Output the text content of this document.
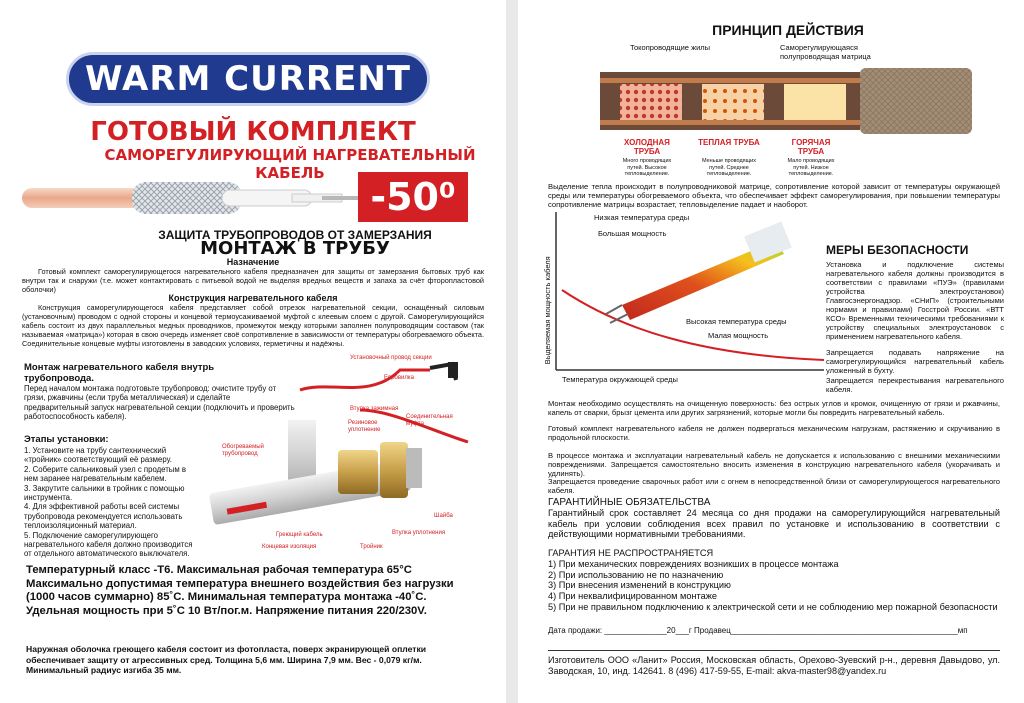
WARM CURRENT
ГОТОВЫЙ КОМПЛЕКТ
САМОРЕГУЛИРУЮЩИЙ НАГРЕВАТЕЛЬНЫЙ КАБЕЛЬ
-50⁰
ЗАЩИТА ТРУБОПРОВОДОВ ОТ ЗАМЕРЗАНИЯ
МОНТАЖ В ТРУБУ
Назначение
Готовый комплект саморегулирующегося нагревательного кабеля предназначен для защиты от замерзания бытовых труб как внутри так и снаружи (т.е. может контактировать с питьевой водой не выделяя вредных веществ и запаха за счёт фторопластовой оболочки)
Конструкция нагревательного кабеля
Конструкция саморегулирующегося кабеля представляет собой отрезок нагревательной секции, оснащённый силовым (установочным) проводом с одной стороны и концевой термоусаживаемой муфтой с клеевым слоем с другой. Саморегулирующийся кабель состоит из двух параллельных медных проводников, промежуток между которыми заполнен полупроводящим составом (так называемая «матрица») которая в свою очередь изменяет своё сопротивление в зависимости от температуры обогреваемого объекта. Соединительные концевые муфты изготовлены в заводских условиях, герметичны и надёжны.
Монтаж нагревательного кабеля внутрь трубопровода.
Перед началом монтажа подготовьте трубопровод: очистите трубу от грязи, ржавчины (если труба металлическая) и сделайте предварительный запуск нагревательной секции (подключить и проверить работоспособность кабеля).
Этапы установки:
1. Установите на трубу сантехнический «тройник» соответствующий её размеру.
2. Соберите сальниковый узел с продетым в нем заранее нагревательным кабелем.
3. Закрутите сальники в тройник с помощью инструмента.
4. Для эффективной работы всей системы трубопровода рекомендуется использовать теплоизоляционный материал.
5. Подключение саморегулирующего нагревательного кабеля должно производится от отдельного автоматического выключателя.
Установочный провод секции
Евровилка
Втулка зажимная
Резиновое уплотнение
Соединительная муфта
Обогреваемый трубопровод
Шайба
Втулка уплотнения
Греющий кабель
Концевая изоляция	Тройник
Температурный класс -Т6. Максимальная рабочая температура 65°С Максимально допустимая температура внешнего воздействия без нагрузки (1000 часов суммарно) 85˚С. Минимальная температура монтажа -40˚С. Удельная мощность при 5˚С 10 Вт/пог.м. Напряжение питания 220/230V.
Наружная оболочка греющего кабеля состоит из фотопласта, поверх экранирующей оплетки обеспечивает защиту от агрессивных сред. Толщина 5,6 мм. Ширина 7,9 мм. Вес - 0,079 кг/м. Минимальный радиус изгиба 35 мм.
ПРИНЦИП ДЕЙСТВИЯ
Токопроводящие жилы	Саморегулирующаяся полупроводящая матрица
ХОЛОДНАЯ ТРУБА
Много проводящих путей. Высокое тепловыделение.
ТЕПЛАЯ ТРУБА
Меньше проводящих путей. Среднее тепловыделение.
ГОРЯЧАЯ ТРУБА
Мало проводящих путей. Низкое тепловыделение.
Выделение тепла происходит в полупроводниковой матрице, сопротивление которой зависит от температуры окружающей среды или температуры обогреваемого объекта, что обеспечивает эффект саморегулирования, при повышении температуры сопротивление матрицы возрастает, тепловыделение падает и наоборот.
Низкая температура среды
Большая мощность
Высокая температура среды
Малая мощность
Выделяемая мощность кабеля
Температура окружающей среды
МЕРЫ БЕЗОПАСНОСТИ
Установка и подключение системы нагревательного кабеля должны производится в соответствии с правилами «ПУЭ» (правилами устройства электроустановок) Главгосэнергонадзор. «СНиП» (строительными нормами и правилами) Госстрой России. «ВТТ КСО» Временными техническими требованиями к устройству специальных электроустановок с применением нагревательного кабеля.
Запрещается подавать напряжение на самогрегулирующийся нагревательный кабель уложенный в бухту.
Запрещается перекрестывания нагревательного кабеля.
Монтаж необходимо осуществлять на очищенную поверхность: без острых углов и кромок, очищенную от грязи и ржавчины, капель от сварки, брызг цемента или других загрязнений, которые могли бы повредить нагревательный кабель.
Готовый комплект нагревательного кабеля не должен подвергаться механическим нагрузкам, растяжению и скручиванию в продольной плоскости.
В процессе монтажа и эксплуатации нагревательный кабель не допускается к использованию с внешними механическими повреждениями. Запрещается самостоятельно вносить изменения в конструкцию нагревательного кабеля (укорачивать и удлинять).
Запрещается проведение сварочных работ или с огнем в непосредственной близи от саморегулирующегося нагревательного кабеля.
ГАРАНТИЙНЫЕ ОБЯЗАТЕЛЬСТВА
Гарантийный срок составляет 24 месяца со дня продажи на саморегулирующийся нагревательный кабель при условии соблюдения всех правил по установке и использованию в соответствии с действующими нормативными требованиями.
ГАРАНТИЯ НЕ РАСПРОСТРАНЯЕТСЯ
1) При механических повреждениях возникших в процессе монтажа
2) При использованию не по назначению
3) При внесения изменений в конструкцию
4) При неквалифицированном монтаже
5) При не правильном подключению к электрической сети и не соблюдению мер пожарной безопасности
Дата продажи: ______________20___г Продавец___________________________________________________мп
Изготовитель ООО «Ланит» Россия, Московская область, Орехово-Зуевский р-н., деревня Давыдово, ул. Заводская, 10, инд. 142641. 8 (496) 417-59-55, E-mail: akva-master98@yandex.ru
